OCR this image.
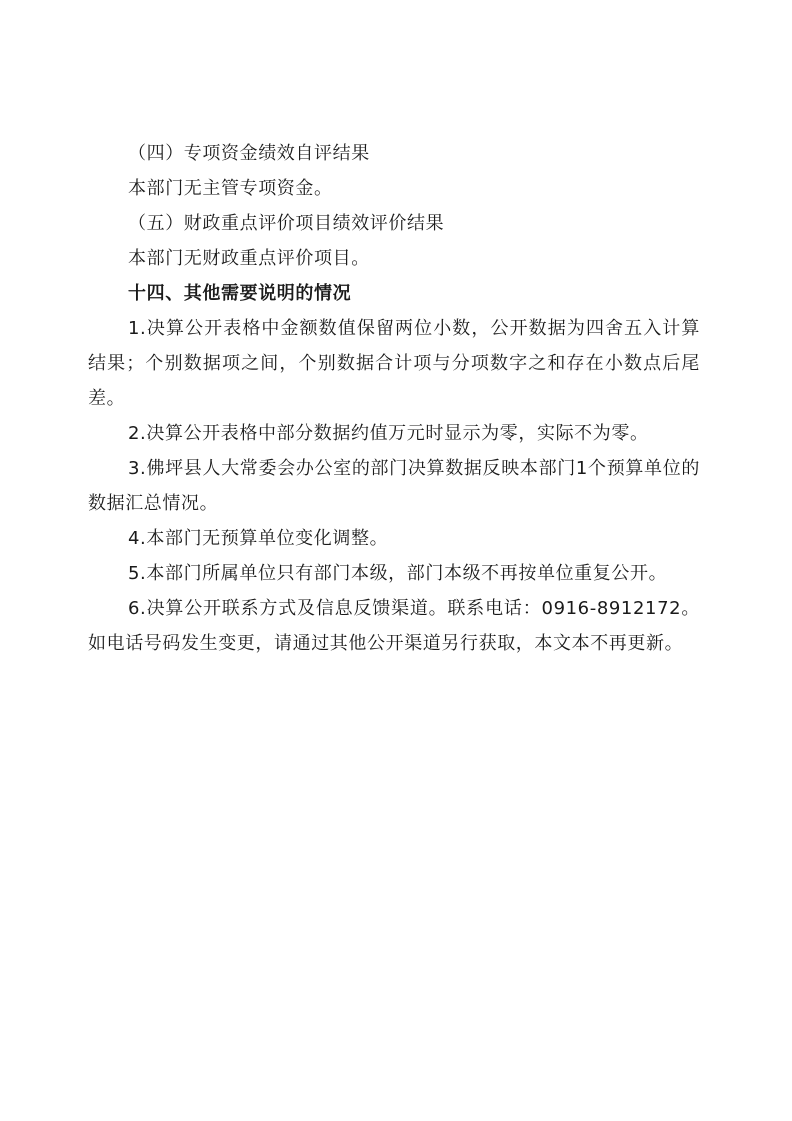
（四）专项资金绩效自评结果

本部门无主管专项资金。

（五）财政重点评价项目绩效评价结果

本部门无财政重点评价项目。

十四、其他需要说明的情况

1.决算公开表格中金额数值保留两位小数，公开数据为四舍五入计算结果；个别数据项之间，个别数据合计项与分项数字之和存在小数点后尾差。

2.决算公开表格中部分数据约值万元时显示为零，实际不为零。

3.佛坪县人大常委会办公室的部门决算数据反映本部门1个预算单位的数据汇总情况。

4.本部门无预算单位变化调整。

5.本部门所属单位只有部门本级，部门本级不再按单位重复公开。

6.决算公开联系方式及信息反馈渠道。联系电话：0916-8912172。如电话号码发生变更，请通过其他公开渠道另行获取，本文本不再更新。
